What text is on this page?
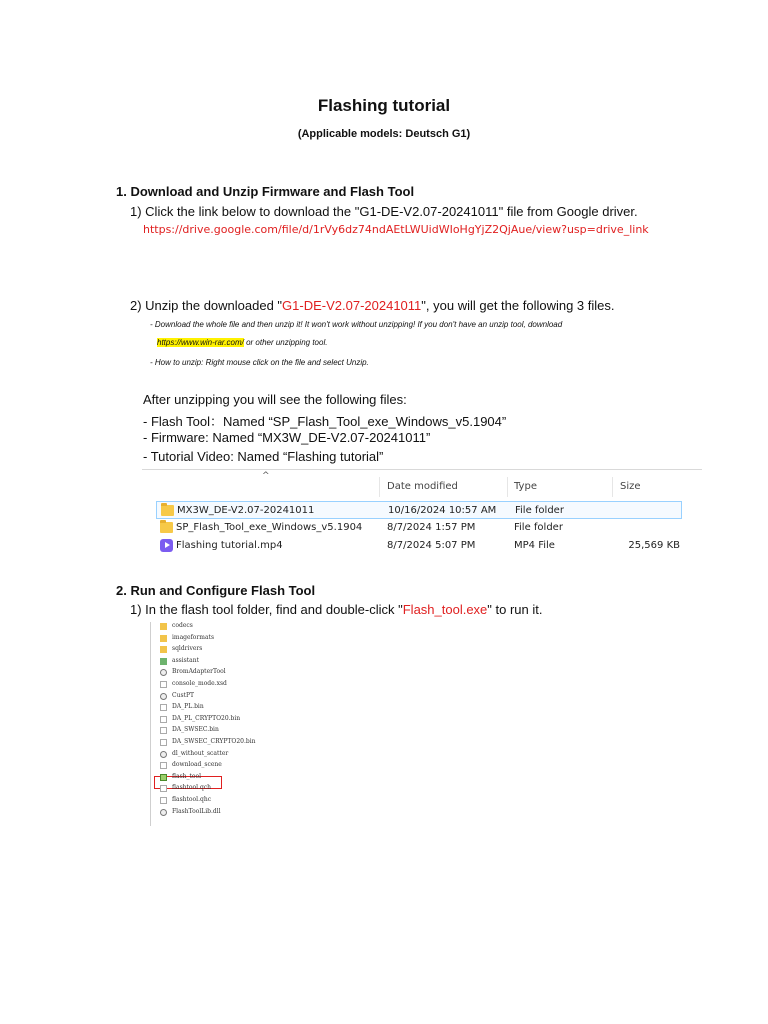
Flashing tutorial
(Applicable models: Deutsch G1)
1. Download and Unzip Firmware and Flash Tool
1) Click the link below to download the "G1-DE-V2.07-20241011" file from Google driver.
https://drive.google.com/file/d/1rVy6dz74ndAEtLWUidWIoHgYjZ2QjAue/view?usp=drive_link
2) Unzip the downloaded "G1-DE-V2.07-20241011", you will get the following 3 files.
- Download the whole file and then unzip it! It won't work without unzipping! If you don't have an unzip tool, download
https://www.win-rar.com/ or other unzipping tool.
- How to unzip: Right mouse click on the file and select Unzip.
After unzipping you will see the following files:
- Flash Tool：Named “SP_Flash_Tool_exe_Windows_v5.1904”
- Firmware: Named “MX3W_DE-V2.07-20241011”
- Tutorial Video: Named “Flashing tutorial”
^
Date modified	Type	Size
MX3W_DE-V2.07-20241011	10/16/2024 10:57 AM File folder
SP_Flash_Tool_exe_Windows_v5.1904 8/7/2024 1:57 PM	File folder
Flashing tutorial.mp4	8/7/2024 5:07 PM	MP4 File	25,569 KB
2. Run and Configure Flash Tool
1) In the flash tool folder, find and double-click "Flash_tool.exe" to run it.
codecs
imageformats
sqldrivers
assistant
BromAdapterTool
console_mode.xsd
CustPT
DA_PL.bin
DA_PL_CRYPTO20.bin
DA_SWSEC.bin
DA_SWSEC_CRYPTO20.bin
dl_without_scatter
download_scene
flash_tool
flashtool.qch
flashtool.qhc
FlashToolLib.dll
